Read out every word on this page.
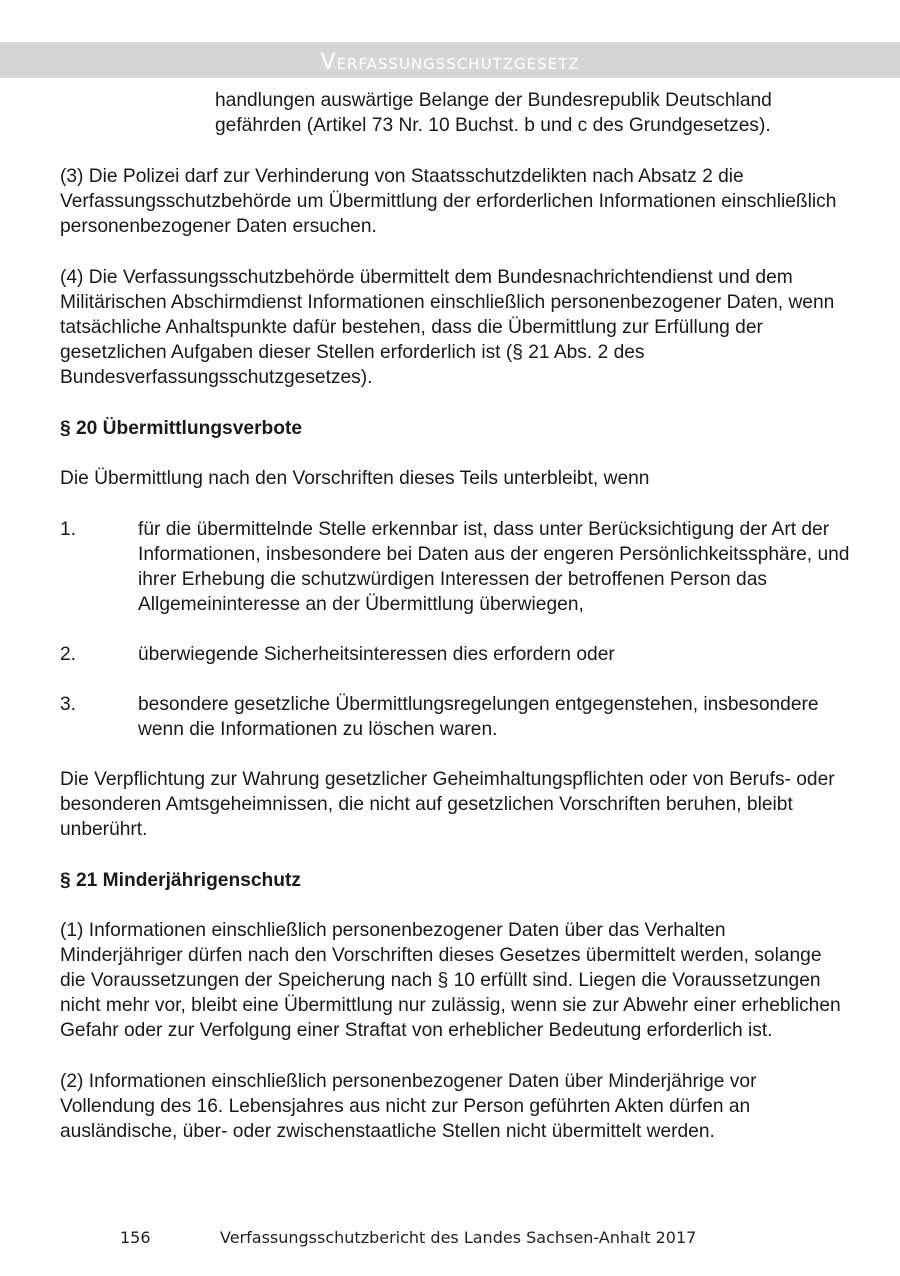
Verfassungsschutzgesetz

handlungen auswärtige Belange der Bundesrepublik Deutschland gefährden (Artikel 73 Nr. 10 Buchst. b und c des Grundgesetzes).

(3) Die Polizei darf zur Verhinderung von Staatsschutzdelikten nach Absatz 2 die Verfassungsschutzbehörde um Übermittlung der erforderlichen Informationen einschließlich personenbezogener Daten ersuchen.

(4) Die Verfassungsschutzbehörde übermittelt dem Bundesnachrichtendienst und dem Militärischen Abschirmdienst Informationen einschließlich personenbezogener Daten, wenn tatsächliche Anhaltspunkte dafür bestehen, dass die Übermittlung zur Erfüllung der gesetzlichen Aufgaben dieser Stellen erforderlich ist (§ 21 Abs. 2 des Bundesverfassungsschutzgesetzes).

§ 20 Übermittlungsverbote

Die Übermittlung nach den Vorschriften dieses Teils unterbleibt, wenn

1.	für die übermittelnde Stelle erkennbar ist, dass unter Berücksichtigung der Art der Informationen, insbesondere bei Daten aus der engeren Persönlichkeitssphäre, und ihrer Erhebung die schutzwürdigen Interessen der betroffenen Person das Allgemeininteresse an der Übermittlung überwiegen,
2.	überwiegende Sicherheitsinteressen dies erfordern oder
3.	besondere gesetzliche Übermittlungsregelungen entgegenstehen, insbesondere wenn die Informationen zu löschen waren.

Die Verpflichtung zur Wahrung gesetzlicher Geheimhaltungspflichten oder von Berufs- oder besonderen Amtsgeheimnissen, die nicht auf gesetzlichen Vorschriften beruhen, bleibt unberührt.

§ 21 Minderjährigenschutz

(1) Informationen einschließlich personenbezogener Daten über das Verhalten Minderjähriger dürfen nach den Vorschriften dieses Gesetzes übermittelt werden, solange die Voraussetzungen der Speicherung nach § 10 erfüllt sind. Liegen die Voraussetzungen nicht mehr vor, bleibt eine Übermittlung nur zulässig, wenn sie zur Abwehr einer erheblichen Gefahr oder zur Verfolgung einer Straftat von erheblicher Bedeutung erforderlich ist.

(2) Informationen einschließlich personenbezogener Daten über Minderjährige vor Vollendung des 16. Lebensjahres aus nicht zur Person geführten Akten dürfen an ausländische, über- oder zwischenstaatliche Stellen nicht übermittelt werden.

156	Verfassungsschutzbericht des Landes Sachsen-Anhalt 2017
